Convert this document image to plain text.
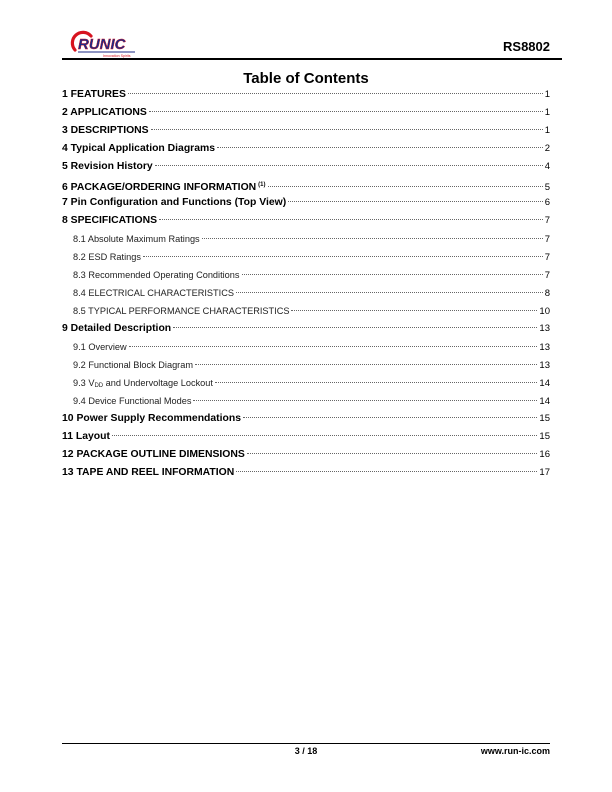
RUNIC
Innovation Spirits
RS8802
Table of Contents
1 FEATURES	1
2 APPLICATIONS	1
3 DESCRIPTIONS	1
4 Typical Application Diagrams	2
5 Revision History	4
6 PACKAGE/ORDERING INFORMATION $^{(1)}$	5
7 Pin Configuration and Functions (Top View)	6
8 SPECIFICATIONS	7
8.1 Absolute Maximum Ratings	7
8.2 ESD Ratings	7
8.3 Recommended Operating Conditions	7
8.4 ELECTRICAL CHARACTERISTICS	8
8.5 TYPICAL PERFORMANCE CHARACTERISTICS	10
9 Detailed Description	13
9.1 Overview	13
9.2 Functional Block Diagram	13
9.3 $V_{DD}$ and Undervoltage Lockout	14
9.4 Device Functional Modes	14
10 Power Supply Recommendations	15
11 Layout	15
12 PACKAGE OUTLINE DIMENSIONS	16
13 TAPE AND REEL INFORMATION	17
3 / 18	www.run-ic.com
